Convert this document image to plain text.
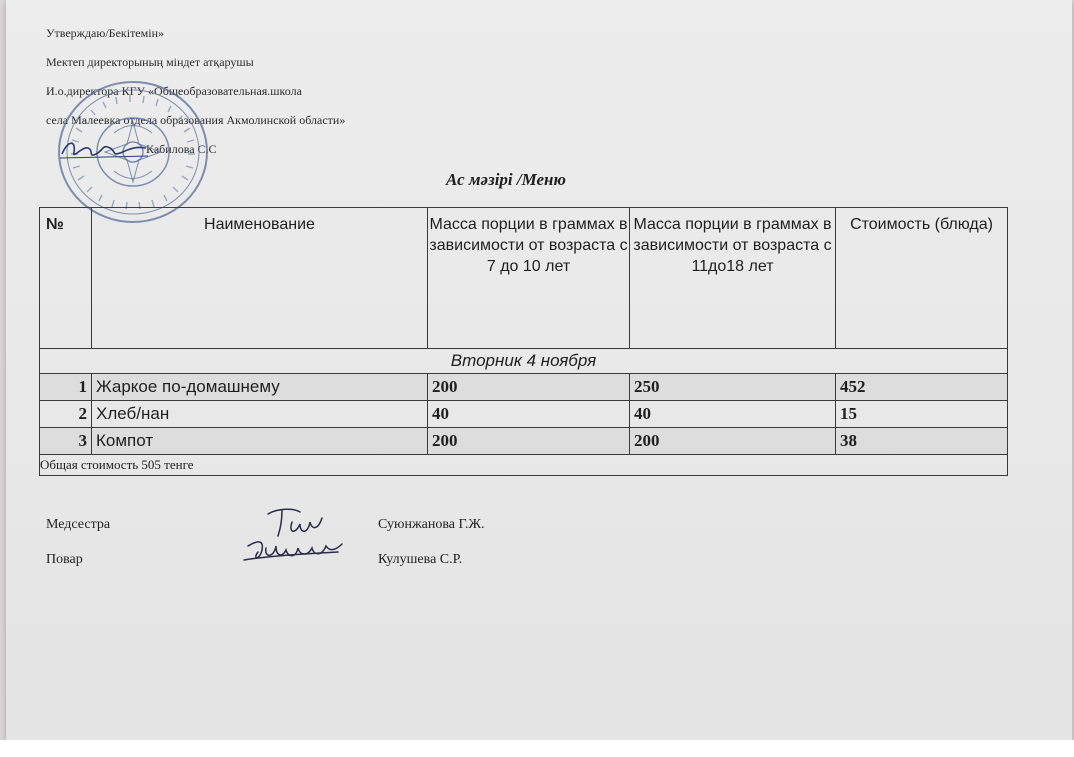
Утверждаю/Бекітемін»
Мектеп директорының міндет атқарушы
И.о.директора КГУ «Общеобразовательная.школа
села Малеевка отдела образования Акмолинской области»
Кабилова С.С
Ас мәзірі /Меню
№	Наименование	Масса порции в граммах в зависимости от возраста с 7 до 10 лет	Масса порции в граммах в зависимости от возраста с 11до18 лет	Стоимость (блюда)
Вторник 4 ноября				
1	Жаркое по-домашнему	200	250	452
2	Хлеб/нан	40	40	15
3	Компот	200	200	38
Общая стоимость 505 тенге				
Медсестра	Суюнжанова Г.Ж.
Повар	Кулушева С.Р.
